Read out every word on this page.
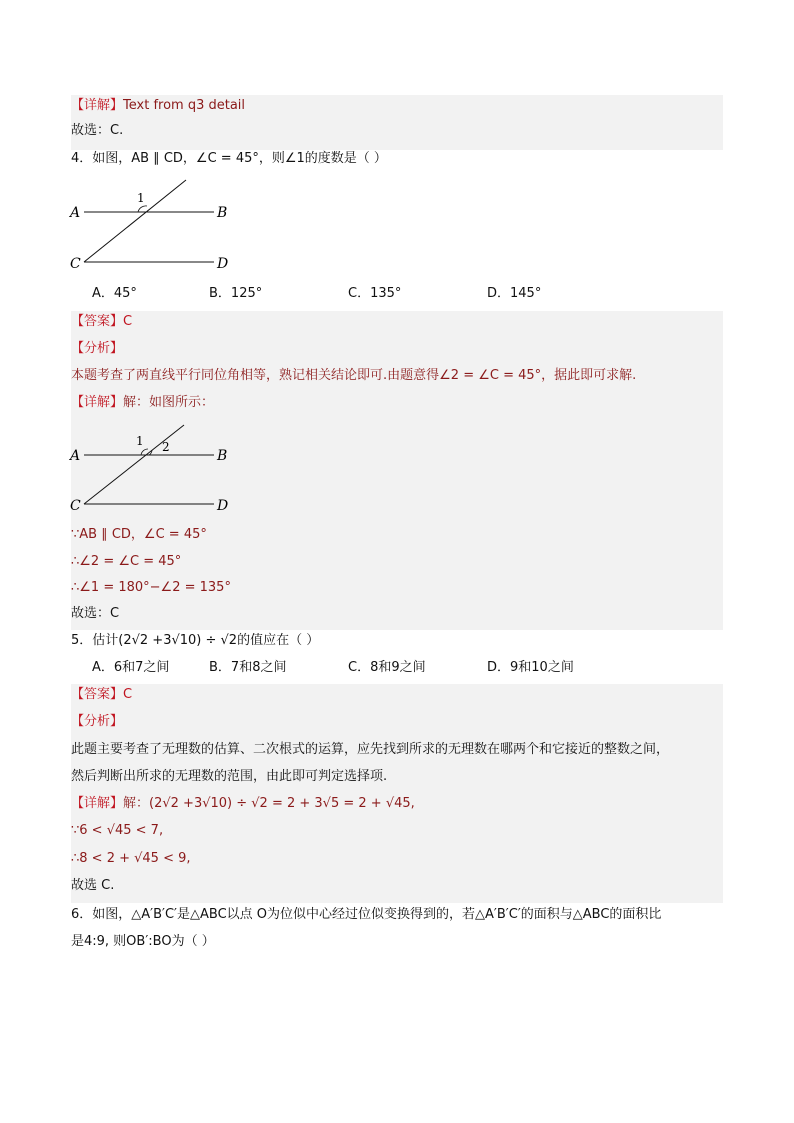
【详解】Text from q3 detail
故选：C.
4．如图，AB ∥ CD，∠C = 45°，则∠1的度数是（ ）
A	B
C	D
1
A．45°	B．125°	C．135°	D．145°
【答案】C
【分析】
本题考查了两直线平行同位角相等，熟记相关结论即可.由题意得∠2 = ∠C = 45°，据此即可求解.
【详解】解：如图所示：
A	B
C	D
1 2
∵AB ∥ CD，∠C = 45°
∴∠2 = ∠C = 45°
∴∠1 = 180°−∠2 = 135°
故选：C
5．估计(2√2 +3√10) ÷ √2的值应在（ ）
A．6和7之间	B．7和8之间	C．8和9之间	D．9和10之间
【答案】C
【分析】
此题主要考查了无理数的估算、二次根式的运算，应先找到所求的无理数在哪两个和它接近的整数之间，
然后判断出所求的无理数的范围，由此即可判定选择项.
【详解】解：(2√2 +3√10) ÷ √2 = 2 + 3√5 = 2 + √45,
∵6 < √45 < 7,
∴8 < 2 + √45 < 9,
故选 C.
6．如图，△A′B′C′是△ABC以点 O为位似中心经过位似变换得到的，若△A′B′C′的面积与△ABC的面积比
是4:9, 则OB′:BO为（ ）
